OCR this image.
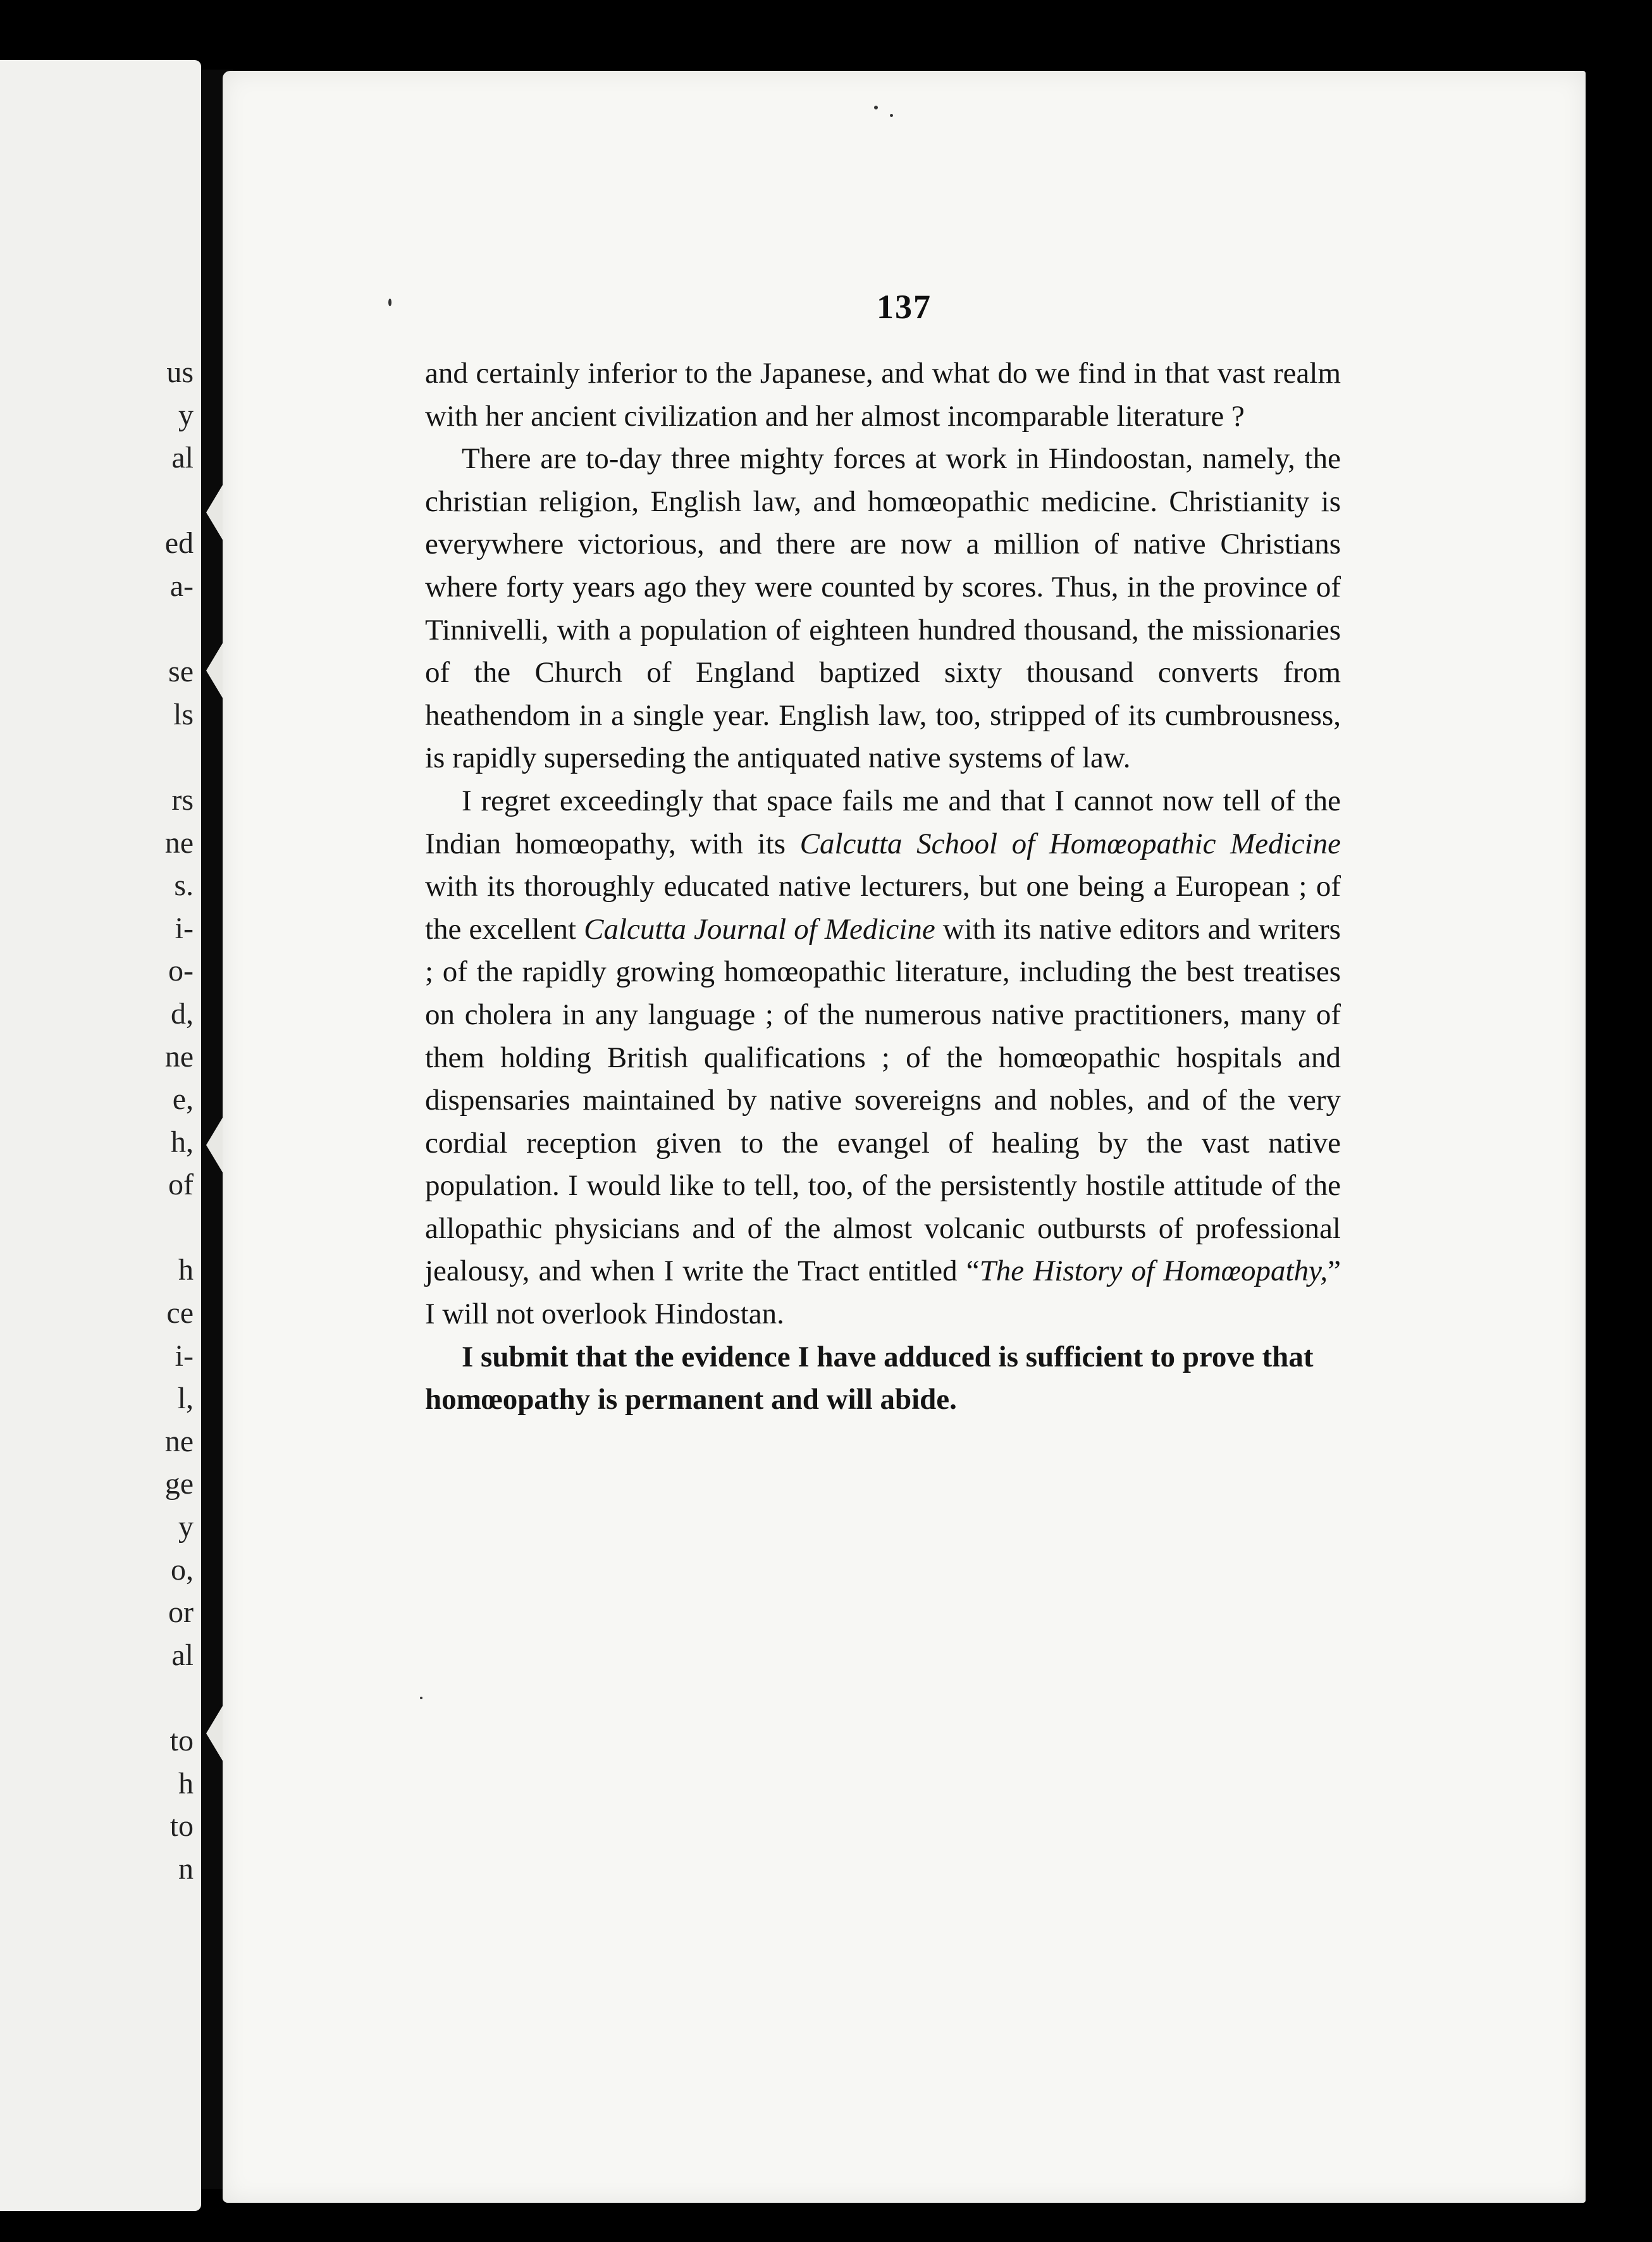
us
y
al

ed
a-

se
ls

rs
ne
s.
i-
o-
d,
ne
e,
h,
of

h
ce
i-
l,
ne
ge
y
o,
or
al

to
h
to
n
137

and certainly inferior to the Japanese, and what do we find in that vast realm with her ancient civilization and her almost incomparable literature ?

There are to-day three mighty forces at work in Hindoostan, namely, the christian religion, English law, and homœopathic medicine. Christianity is everywhere victorious, and there are now a million of native Christians where forty years ago they were counted by scores. Thus, in the province of Tinnivelli, with a population of eighteen hundred thousand, the missionaries of the Church of England baptized sixty thousand converts from heathendom in a single year. English law, too, stripped of its cumbrousness, is rapidly superseding the antiquated native systems of law.

I regret exceedingly that space fails me and that I cannot now tell of the Indian homœopathy, with its Calcutta School of Homœopathic Medicine with its thoroughly educated native lecturers, but one being a European ; of the excellent Calcutta Journal of Medicine with its native editors and writers ; of the rapidly growing homœopathic literature, including the best treatises on cholera in any language ; of the numerous native practitioners, many of them holding British qualifications ; of the homœopathic hospitals and dispensaries maintained by native sovereigns and nobles, and of the very cordial reception given to the evangel of healing by the vast native population. I would like to tell, too, of the persistently hostile attitude of the allopathic physicians and of the almost volcanic outbursts of professional jealousy, and when I write the Tract entitled “The History of Homœopathy,” I will not overlook Hindostan.

I submit that the evidence I have adduced is sufficient to prove that homœopathy is permanent and will abide.
